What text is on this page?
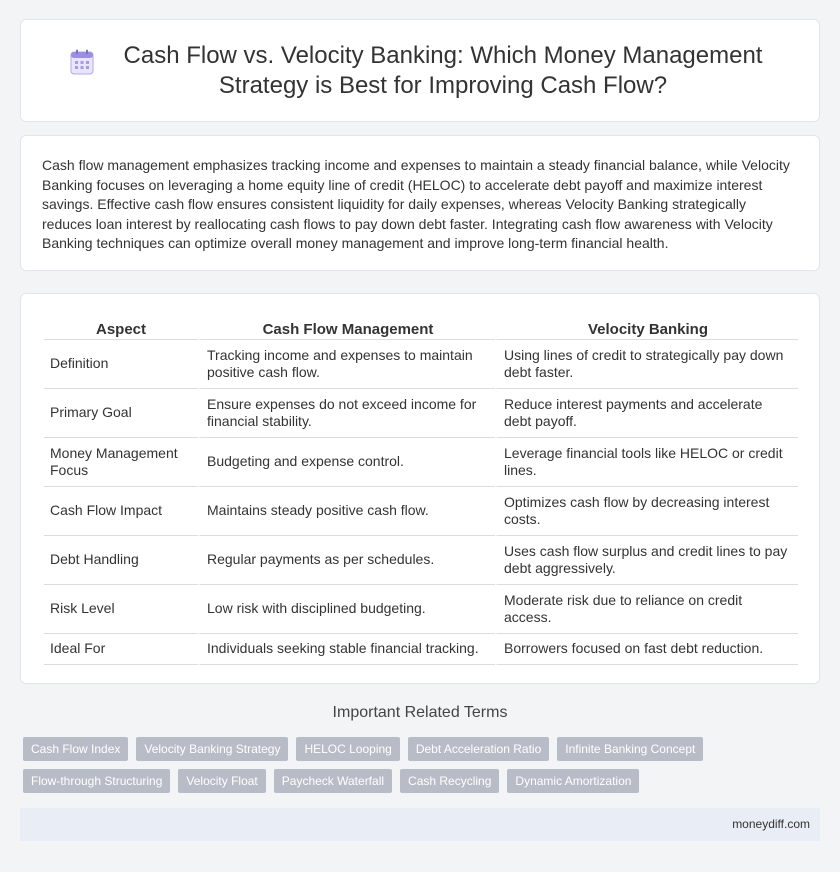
Cash Flow vs. Velocity Banking: Which Money Management Strategy is Best for Improving Cash Flow?

Cash flow management emphasizes tracking income and expenses to maintain a steady financial balance, while Velocity Banking focuses on leveraging a home equity line of credit (HELOC) to accelerate debt payoff and maximize interest savings. Effective cash flow ensures consistent liquidity for daily expenses, whereas Velocity Banking strategically reduces loan interest by reallocating cash flows to pay down debt faster. Integrating cash flow awareness with Velocity Banking techniques can optimize overall money management and improve long-term financial health.

Aspect	Cash Flow Management	Velocity Banking
Definition	Tracking income and expenses to maintain positive cash flow.	Using lines of credit to strategically pay down debt faster.
Primary Goal	Ensure expenses do not exceed income for financial stability.	Reduce interest payments and accelerate debt payoff.
Money Management Focus	Budgeting and expense control.	Leverage financial tools like HELOC or credit lines.
Cash Flow Impact	Maintains steady positive cash flow.	Optimizes cash flow by decreasing interest costs.
Debt Handling	Regular payments as per schedules.	Uses cash flow surplus and credit lines to pay debt aggressively.
Risk Level	Low risk with disciplined budgeting.	Moderate risk due to reliance on credit access.
Ideal For	Individuals seeking stable financial tracking.	Borrowers focused on fast debt reduction.
Important Related Terms
Cash Flow Index	Velocity Banking Strategy	HELOC Looping	Debt Acceleration Ratio	Infinite Banking Concept
Flow-through Structuring	Velocity Float	Paycheck Waterfall	Cash Recycling	Dynamic Amortization
moneydiff.com
